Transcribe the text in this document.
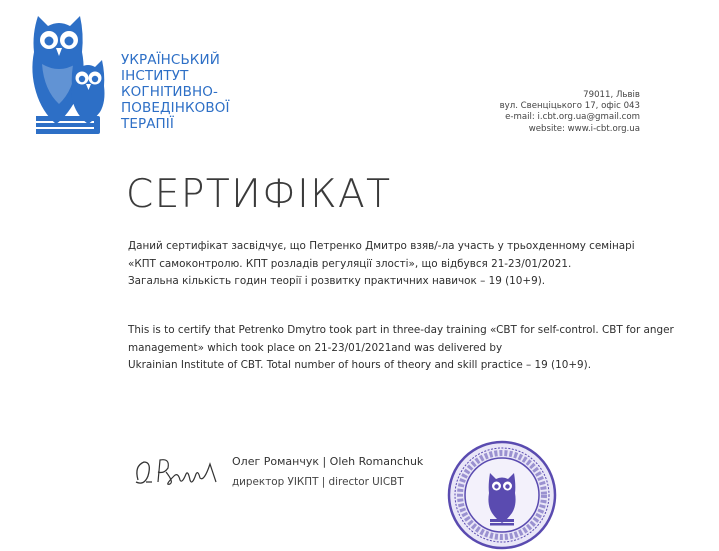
УКРАЇНСЬКИЙ
ІНСТИТУТ
КОГНІТИВНО-
ПОВЕДІНКОВОЇ
ТЕРАПІЇ
79011, Львів
вул. Свенціцького 17, офіс 043
e-mail: i.cbt.org.ua@gmail.com
website: www.i-cbt.org.ua
СЕРТИФІКАТ
Даний сертифікат засвідчує, що Петренко Дмитро взяв/-ла участь у трьохденному семінарі
«КПТ самоконтролю. КПТ розладів регуляції злості», що відбувся 21-23/01/2021.
Загальна кількість годин теорії і розвитку практичних навичок – 19 (10+9).
This is to certify that Petrenko Dmytro took part in three-day training «CBT for self-control. CBT for anger
management» which took place on 21-23/01/2021and was delivered by
Ukrainian Institute of CBT. Total number of hours of theory and skill practice – 19 (10+9).
Олег Романчук | Oleh Romanchuk
директор УІКПТ | director UICBT
